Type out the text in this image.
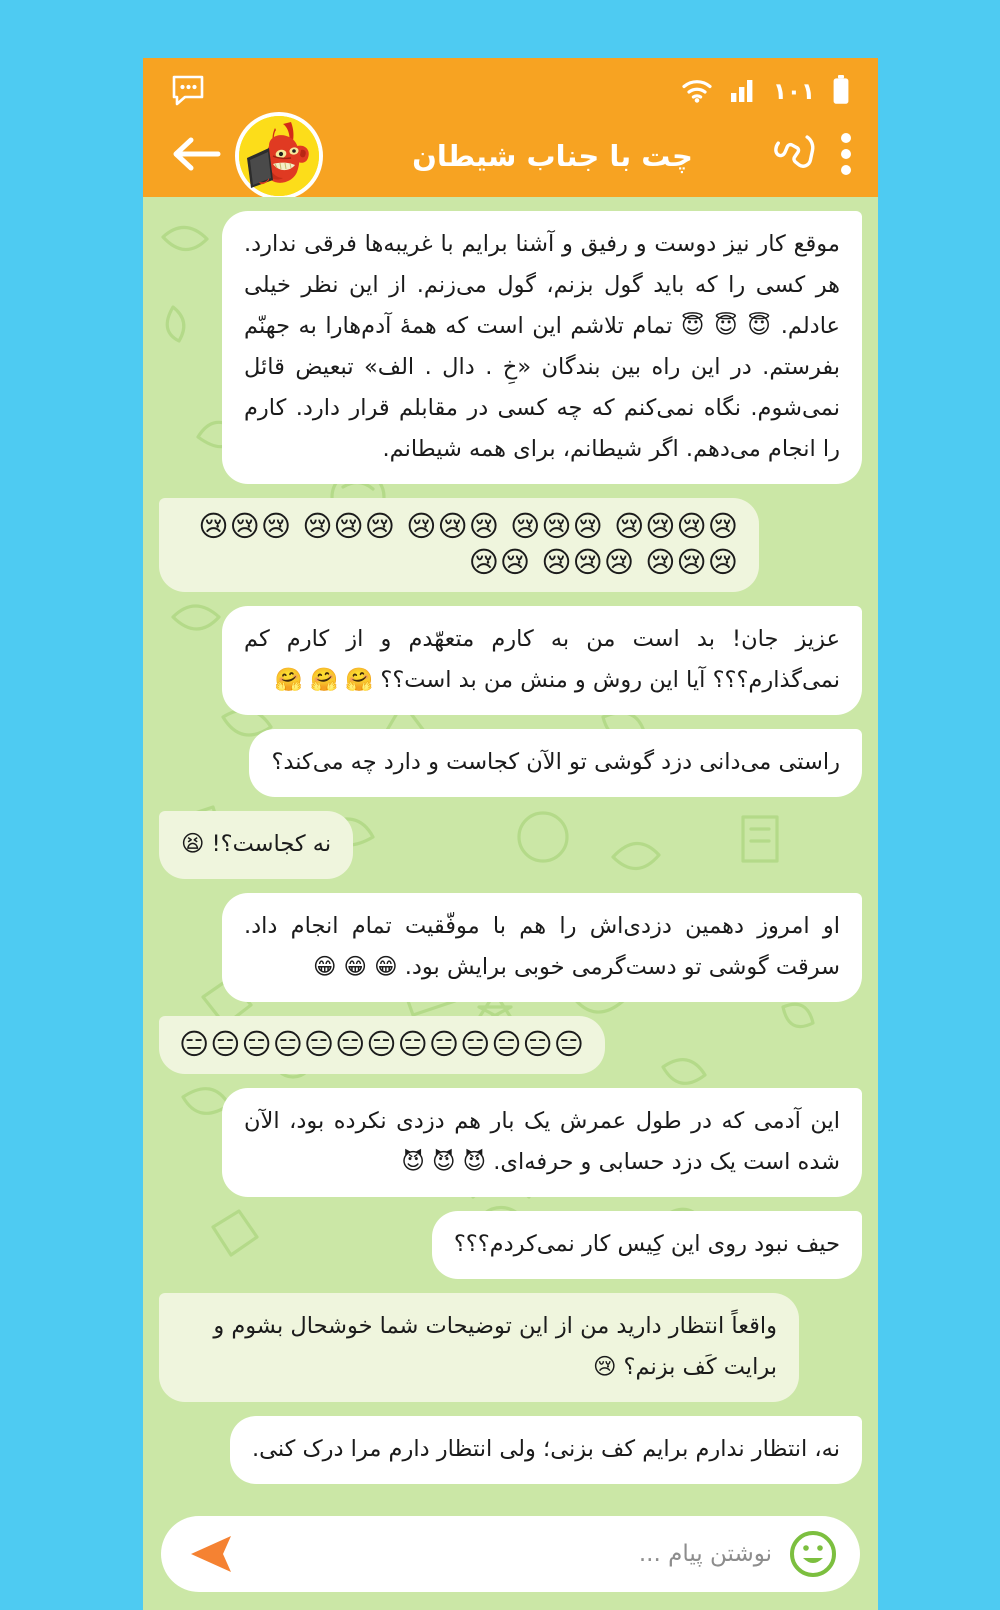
۱۰۱
چت با جناب شیطان
موقع کار نیز دوست و رفیق و آشنا برایم با غریبه‌ها فرقی ندارد. هر کسی را که باید گول بزنم، گول می‌زنم. از این نظر خیلی عادلم. 😇 😇 😇 تمام تلاشم این است که همهٔ آدم‌هارا به جهنّم بفرستم. در این راه بین بندگان «خِ . دال . الف» تبعیض قائل نمی‌شوم. نگاه نمی‌کنم که چه کسی در مقابلم قرار دارد. کارم را انجام می‌دهم. اگر شیطانم، برای همه شیطانم.
😢😢😢😢 😢😢😢 😢😢😢 😢😢😢 😢😢😢 😢😢😢 😢😢😢 😢😢
عزیز جان! بد است من به کارم متعهّدم و از کارم کم نمی‌گذارم؟؟؟ آیا این روش و منش من بد است؟؟ 🤗 🤗 🤗
راستی می‌دانی دزد گوشی تو الآن کجاست و دارد چه می‌کند؟
نه کجاست؟! 😫
او امروز دهمین دزدی‌اش را هم با موفّقیت تمام انجام داد. سرقت گوشی تو دست‌گرمی خوبی برایش بود. 😁 😁 😁
😑😑😑😑😑😑😑😑😑😑😑😑😑
این آدمی که در طول عمرش یک بار هم دزدی نکرده بود، الآن شده است یک دزد حسابی و حرفه‌ای. 😈 😈 😈
حیف نبود روی این کِیس کار نمی‌کردم؟؟؟
واقعاً انتظار دارید من از این توضیحات شما خوشحال بشوم و برایت کَف بزنم؟ 😢
نه، انتظار ندارم برایم کف بزنی؛ ولی انتظار دارم مرا درک کنی.
نوشتن پیام ...
